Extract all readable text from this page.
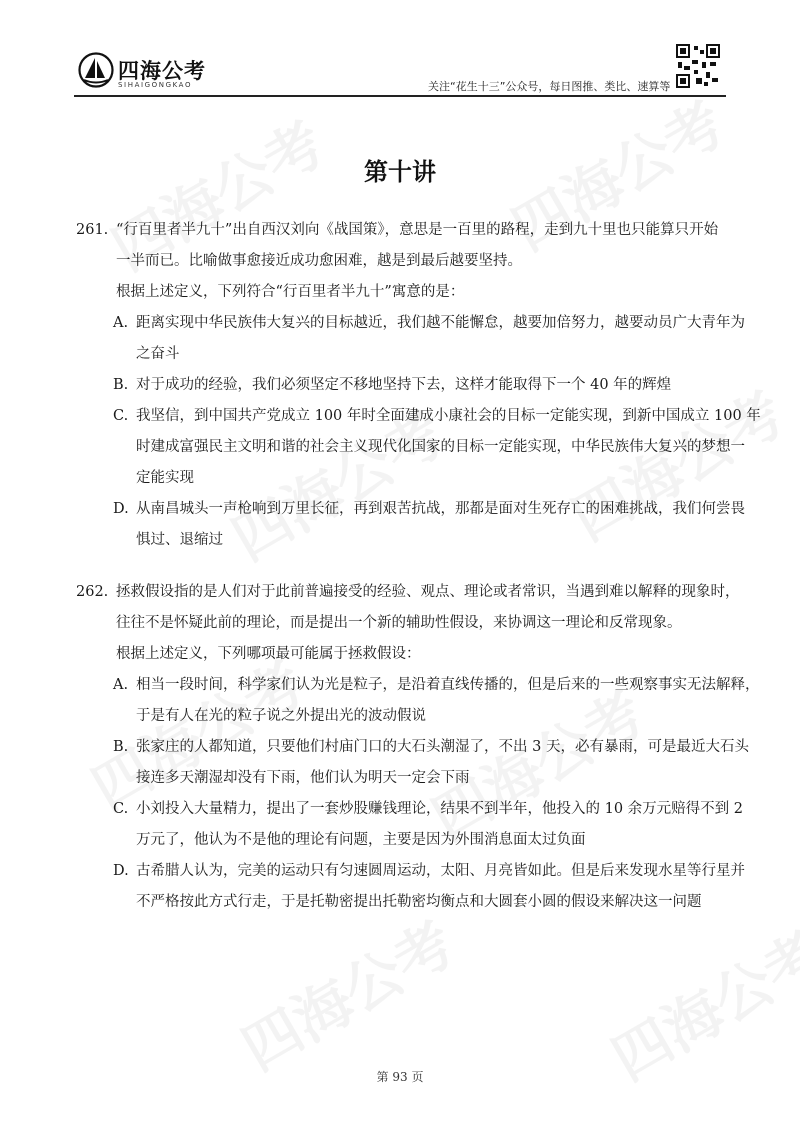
四海公考
SIHAIGONGKAO	关注“花生十三”公众号，每日图推、类比、速算等
第十讲
261. “行百里者半九十”出自西汉刘向《战国策》，意思是一百里的路程，走到九十里也只能算只开始
一半而已。比喻做事愈接近成功愈困难，越是到最后越要坚持。
根据上述定义，下列符合“行百里者半九十”寓意的是：
A. 距离实现中华民族伟大复兴的目标越近，我们越不能懈怠，越要加倍努力，越要动员广大青年为
之奋斗
B. 对于成功的经验，我们必须坚定不移地坚持下去，这样才能取得下一个 40 年的辉煌
C. 我坚信，到中国共产党成立 100 年时全面建成小康社会的目标一定能实现，到新中国成立 100 年
时建成富强民主文明和谐的社会主义现代化国家的目标一定能实现，中华民族伟大复兴的梦想一
定能实现
D. 从南昌城头一声枪响到万里长征，再到艰苦抗战，那都是面对生死存亡的困难挑战，我们何尝畏
惧过、退缩过
262. 拯救假设指的是人们对于此前普遍接受的经验、观点、理论或者常识，当遇到难以解释的现象时，
往往不是怀疑此前的理论，而是提出一个新的辅助性假设，来协调这一理论和反常现象。
根据上述定义，下列哪项最可能属于拯救假设：
A. 相当一段时间，科学家们认为光是粒子，是沿着直线传播的，但是后来的一些观察事实无法解释，
于是有人在光的粒子说之外提出光的波动假说
B. 张家庄的人都知道，只要他们村庙门口的大石头潮湿了，不出 3 天，必有暴雨，可是最近大石头
接连多天潮湿却没有下雨，他们认为明天一定会下雨
C. 小刘投入大量精力，提出了一套炒股赚钱理论，结果不到半年，他投入的 10 余万元赔得不到 2
万元了，他认为不是他的理论有问题，主要是因为外围消息面太过负面
D. 古希腊人认为，完美的运动只有匀速圆周运动，太阳、月亮皆如此。但是后来发现水星等行星并
不严格按此方式行走，于是托勒密提出托勒密均衡点和大圆套小圆的假设来解决这一问题
第 93 页
